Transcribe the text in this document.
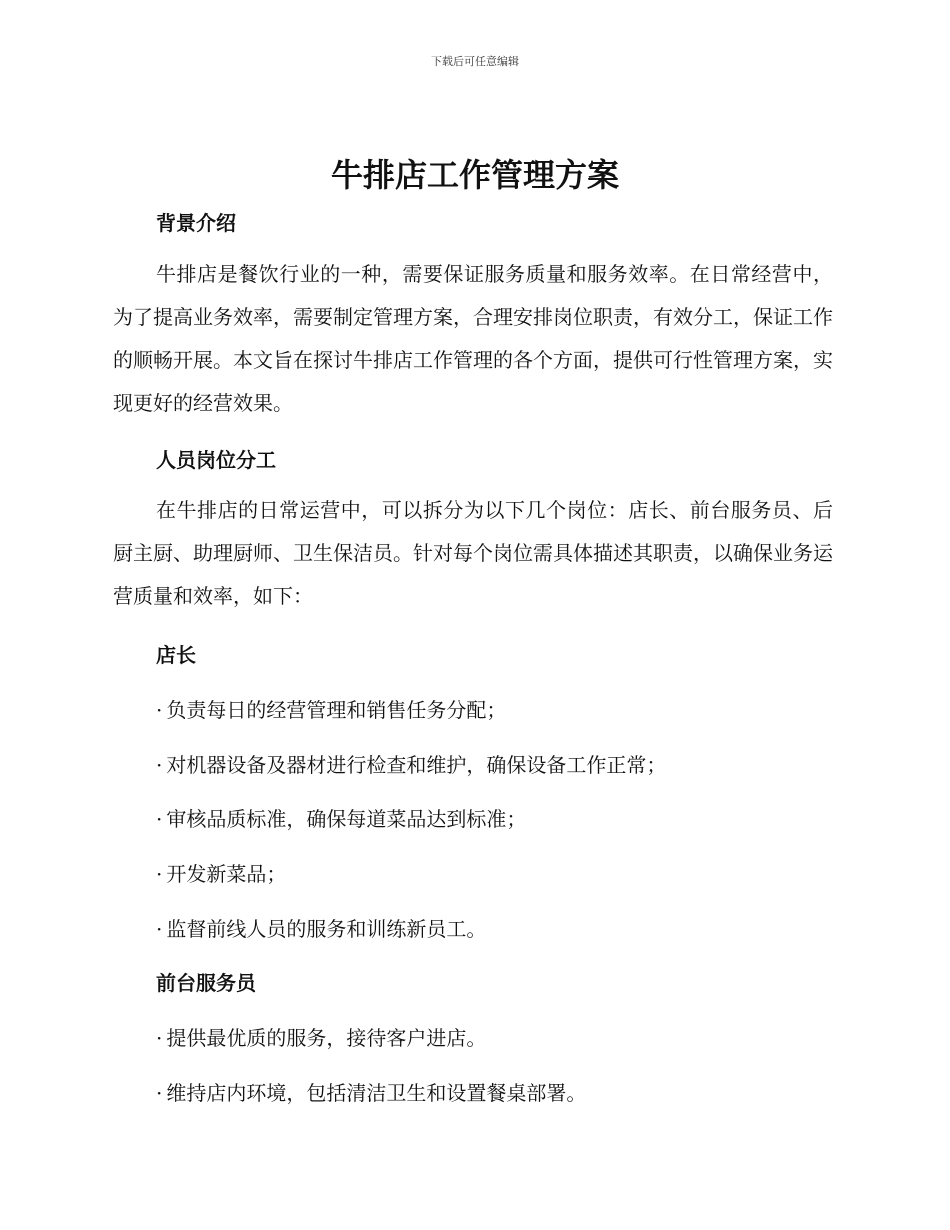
下载后可任意编辑
牛排店工作管理方案
背景介绍

牛排店是餐饮行业的一种，需要保证服务质量和服务效率。在日常经营中，为了提高业务效率，需要制定管理方案，合理安排岗位职责，有效分工，保证工作的顺畅开展。本文旨在探讨牛排店工作管理的各个方面，提供可行性管理方案，实现更好的经营效果。

人员岗位分工

在牛排店的日常运营中，可以拆分为以下几个岗位：店长、前台服务员、后厨主厨、助理厨师、卫生保洁员。针对每个岗位需具体描述其职责，以确保业务运营质量和效率，如下：

店长

· 负责每日的经营管理和销售任务分配；

· 对机器设备及器材进行检查和维护，确保设备工作正常；

· 审核品质标准，确保每道菜品达到标准；

· 开发新菜品；

· 监督前线人员的服务和训练新员工。

前台服务员

· 提供最优质的服务，接待客户进店。

· 维持店内环境，包括清洁卫生和设置餐桌部署。
